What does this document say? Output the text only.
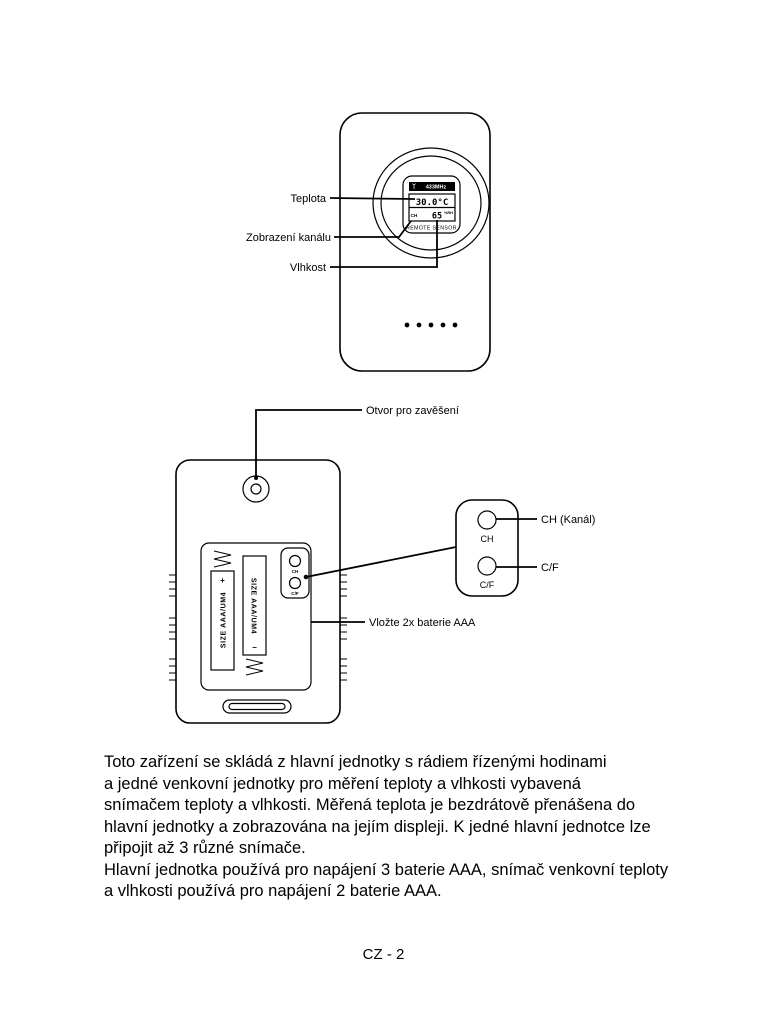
433MHz
30.0°C
CH 65 %RH
REMOTE SENSOR
Teplota
Zobrazení kanálu
Vlhkost
Otvor pro zavěšení
+
SIZE AAA/UM4	−
SIZE AAA/UM4
CH
C/F
Vložte 2x baterie AAA
CH
C/F
CH (Kanál)
C/F
Toto zařízení se skládá z hlavní jednotky s rádiem řízenými hodinami
a jedné venkovní jednotky pro měření teploty a vlhkosti vybavená
snímačem teploty a vlhkosti. Měřená teplota je bezdrátově přenášena do
hlavní jednotky a zobrazována na jejím displeji. K jedné hlavní jednotce lze
připojit až 3 různé snímače.
Hlavní jednotka používá pro napájení 3 baterie AAA, snímač venkovní teploty
a vlhkosti používá pro napájení 2 baterie AAA.
CZ - 2
